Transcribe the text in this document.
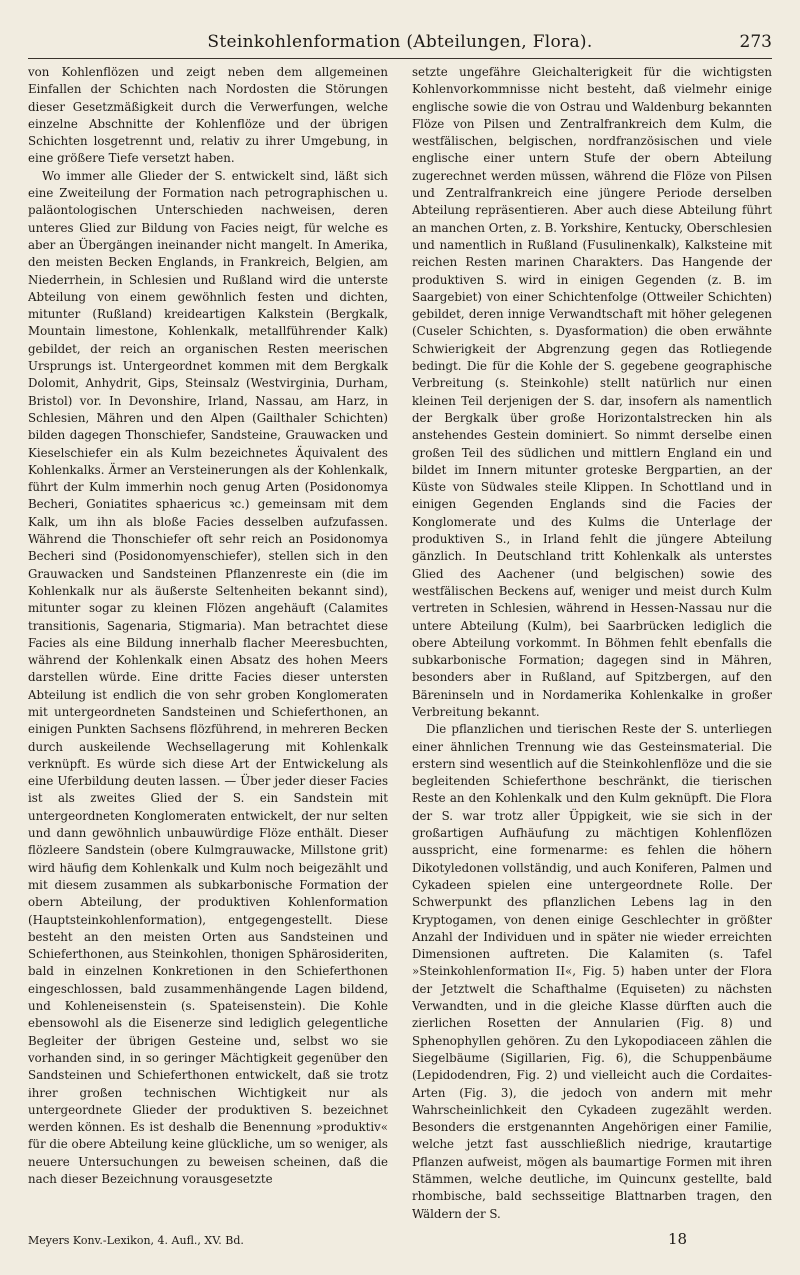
Steinkohlenformation (Abteilungen, Flora).	273

von Kohlenflözen und zeigt neben dem allgemeinen Einfallen der Schichten nach Nordosten die Störungen dieser Gesetzmäßigkeit durch die Verwerfungen, welche einzelne Abschnitte der Kohlenflöze und der übrigen Schichten losgetrennt und, relativ zu ihrer Umgebung, in eine größere Tiefe versetzt haben.

Wo immer alle Glieder der S. entwickelt sind, läßt sich eine Zweiteilung der Formation nach petrographischen u. paläontologischen Unterschieden nachweisen, deren unteres Glied zur Bildung von Facies neigt, für welche es aber an Übergängen ineinander nicht mangelt. In Amerika, den meisten Becken Englands, in Frankreich, Belgien, am Niederrhein, in Schlesien und Rußland wird die unterste Abteilung von einem gewöhnlich festen und dichten, mitunter (Rußland) kreideartigen Kalkstein (Bergkalk, Mountain limestone, Kohlenkalk, metallführender Kalk) gebildet, der reich an organischen Resten meerischen Ursprungs ist. Untergeordnet kommen mit dem Bergkalk Dolomit, Anhydrit, Gips, Steinsalz (Westvirginia, Durham, Bristol) vor. In Devonshire, Irland, Nassau, am Harz, in Schlesien, Mähren und den Alpen (Gailthaler Schichten) bilden dagegen Thonschiefer, Sandsteine, Grauwacken und Kieselschiefer ein als Kulm bezeichnetes Äquivalent des Kohlenkalks. Ärmer an Versteinerungen als der Kohlenkalk, führt der Kulm immerhin noch genug Arten (Posidonomya Becheri, Goniatites sphaericus ꝛc.) gemeinsam mit dem Kalk, um ihn als bloße Facies desselben aufzufassen. Während die Thonschiefer oft sehr reich an Posidonomya Becheri sind (Posidonomyenschiefer), stellen sich in den Grauwacken und Sandsteinen Pflanzenreste ein (die im Kohlenkalk nur als äußerste Seltenheiten bekannt sind), mitunter sogar zu kleinen Flözen angehäuft (Calamites transitionis, Sagenaria, Stigmaria). Man betrachtet diese Facies als eine Bildung innerhalb flacher Meeresbuchten, während der Kohlenkalk einen Absatz des hohen Meers darstellen würde. Eine dritte Facies dieser untersten Abteilung ist endlich die von sehr groben Konglomeraten mit untergeordneten Sandsteinen und Schieferthonen, an einigen Punkten Sachsens flözführend, in mehreren Becken durch auskeilende Wechsellagerung mit Kohlenkalk verknüpft. Es würde sich diese Art der Entwickelung als eine Uferbildung deuten lassen. — Über jeder dieser Facies ist als zweites Glied der S. ein Sandstein mit untergeordneten Konglomeraten entwickelt, der nur selten und dann gewöhnlich unbauwürdige Flöze enthält. Dieser flözleere Sandstein (obere Kulmgrauwacke, Millstone grit) wird häufig dem Kohlenkalk und Kulm noch beigezählt und mit diesem zusammen als subkarbonische Formation der obern Abteilung, der produktiven Kohlenformation (Hauptsteinkohlenformation), entgegengestellt. Diese besteht an den meisten Orten aus Sandsteinen und Schieferthonen, aus Steinkohlen, thonigen Sphärosideriten, bald in einzelnen Konkretionen in den Schieferthonen eingeschlossen, bald zusammenhängende Lagen bildend, und Kohleneisenstein (s. Spateisenstein). Die Kohle ebensowohl als die Eisenerze sind lediglich gelegentliche Begleiter der übrigen Gesteine und, selbst wo sie vorhanden sind, in so geringer Mächtigkeit gegenüber den Sandsteinen und Schieferthonen entwickelt, daß sie trotz ihrer großen technischen Wichtigkeit nur als untergeordnete Glieder der produktiven S. bezeichnet werden können. Es ist deshalb die Benennung »produktiv« für die obere Abteilung keine glückliche, um so weniger, als neuere Untersuchungen zu beweisen scheinen, daß die nach dieser Bezeichnung vorausgesetzte

setzte ungefähre Gleichalterigkeit für die wichtigsten Kohlenvorkommnisse nicht besteht, daß vielmehr einige englische sowie die von Ostrau und Waldenburg bekannten Flöze von Pilsen und Zentralfrankreich dem Kulm, die westfälischen, belgischen, nordfranzösischen und viele englische einer untern Stufe der obern Abteilung zugerechnet werden müssen, während die Flöze von Pilsen und Zentralfrankreich eine jüngere Periode derselben Abteilung repräsentieren. Aber auch diese Abteilung führt an manchen Orten, z. B. Yorkshire, Kentucky, Oberschlesien und namentlich in Rußland (Fusulinenkalk), Kalksteine mit reichen Resten marinen Charakters. Das Hangende der produktiven S. wird in einigen Gegenden (z. B. im Saargebiet) von einer Schichtenfolge (Ottweiler Schichten) gebildet, deren innige Verwandtschaft mit höher gelegenen (Cuseler Schichten, s. Dyasformation) die oben erwähnte Schwierigkeit der Abgrenzung gegen das Rotliegende bedingt. Die für die Kohle der S. gegebene geographische Verbreitung (s. Steinkohle) stellt natürlich nur einen kleinen Teil derjenigen der S. dar, insofern als namentlich der Bergkalk über große Horizontalstrecken hin als anstehendes Gestein dominiert. So nimmt derselbe einen großen Teil des südlichen und mittlern England ein und bildet im Innern mitunter groteske Bergpartien, an der Küste von Südwales steile Klippen. In Schottland und in einigen Gegenden Englands sind die Facies der Konglomerate und des Kulms die Unterlage der produktiven S., in Irland fehlt die jüngere Abteilung gänzlich. In Deutschland tritt Kohlenkalk als unterstes Glied des Aachener (und belgischen) sowie des westfälischen Beckens auf, weniger und meist durch Kulm vertreten in Schlesien, während in Hessen-Nassau nur die untere Abteilung (Kulm), bei Saarbrücken lediglich die obere Abteilung vorkommt. In Böhmen fehlt ebenfalls die subkarbonische Formation; dagegen sind in Mähren, besonders aber in Rußland, auf Spitzbergen, auf den Bäreninseln und in Nordamerika Kohlenkalke in großer Verbreitung bekannt.

Die pflanzlichen und tierischen Reste der S. unterliegen einer ähnlichen Trennung wie das Gesteinsmaterial. Die erstern sind wesentlich auf die Steinkohlenflöze und die sie begleitenden Schieferthone beschränkt, die tierischen Reste an den Kohlenkalk und den Kulm geknüpft. Die Flora der S. war trotz aller Üppigkeit, wie sie sich in der großartigen Aufhäufung zu mächtigen Kohlenflözen ausspricht, eine formenarme: es fehlen die höhern Dikotyledonen vollständig, und auch Koniferen, Palmen und Cykadeen spielen eine untergeordnete Rolle. Der Schwerpunkt des pflanzlichen Lebens lag in den Kryptogamen, von denen einige Geschlechter in größter Anzahl der Individuen und in später nie wieder erreichten Dimensionen auftreten. Die Kalamiten (s. Tafel »Steinkohlenformation II«, Fig. 5) haben unter der Flora der Jetztwelt die Schafthalme (Equiseten) zu nächsten Verwandten, und in die gleiche Klasse dürften auch die zierlichen Rosetten der Annularien (Fig. 8) und Sphenophyllen gehören. Zu den Lykopodiaceen zählen die Siegelbäume (Sigillarien, Fig. 6), die Schuppenbäume (Lepidodendren, Fig. 2) und vielleicht auch die Cordaites-Arten (Fig. 3), die jedoch von andern mit mehr Wahrscheinlichkeit den Cykadeen zugezählt werden. Besonders die erstgenannten Angehörigen einer Familie, welche jetzt fast ausschließlich niedrige, krautartige Pflanzen aufweist, mögen als baumartige Formen mit ihren Stämmen, welche deutliche, im Quincunx gestellte, bald rhombische, bald sechsseitige Blattnarben tragen, den Wäldern der S.

Meyers Konv.-Lexikon, 4. Aufl., XV. Bd.	18
